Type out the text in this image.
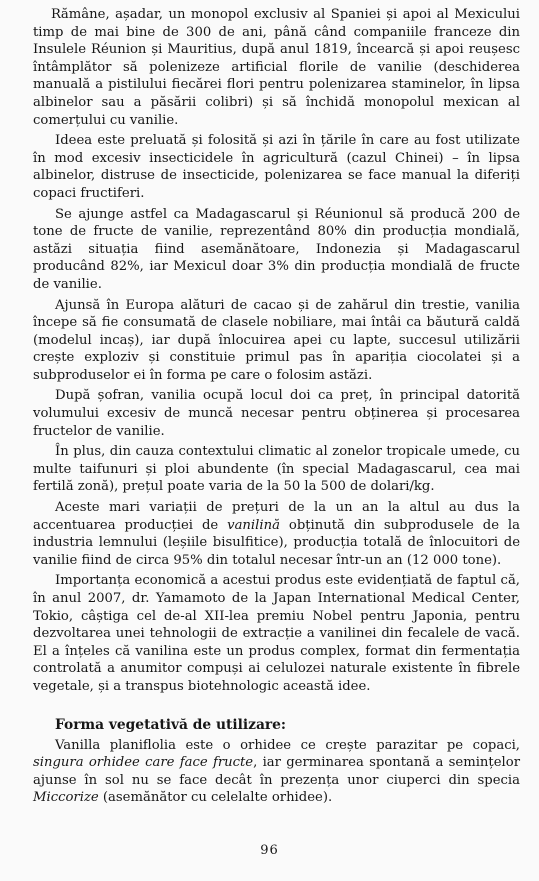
Rămâne, așadar, un monopol exclusiv al Spaniei și apoi al Mexicului timp de mai bine de 300 de ani, până când companiile franceze din Insulele Réunion și Mauritius, după anul 1819, încearcă și apoi reușesc întâmplător să polenizeze artificial florile de vanilie (deschiderea manuală a pistilului fiecărei flori pentru polenizarea staminelor, în lipsa albinelor sau a păsării colibri) și să închidă monopolul mexican al comerțului cu vanilie.

Ideea este preluată și folosită și azi în țările în care au fost utilizate în mod excesiv insecticidele în agricultură (cazul Chinei) – în lipsa albinelor, distruse de insecticide, polenizarea se face manual la diferiți copaci fructiferi.

Se ajunge astfel ca Madagascarul și Réunionul să producă 200 de tone de fructe de vanilie, reprezentând 80% din producția mondială, astăzi situația fiind asemănătoare, Indonezia și Madagascarul producând 82%, iar Mexicul doar 3% din producția mondială de fructe de vanilie.

Ajunsă în Europa alături de cacao și de zahărul din trestie, vanilia începe să fie consumată de clasele nobiliare, mai întâi ca băutură caldă (modelul incaș), iar după înlocuirea apei cu lapte, succesul utilizării crește exploziv și constituie primul pas în apariția ciocolatei și a subproduselor ei în forma pe care o folosim astăzi.

După șofran, vanilia ocupă locul doi ca preț, în principal datorită volumului excesiv de muncă necesar pentru obținerea și procesarea fructelor de vanilie.

În plus, din cauza contextului climatic al zonelor tropicale umede, cu multe taifunuri și ploi abundente (în special Madagascarul, cea mai fertilă zonă), prețul poate varia de la 50 la 500 de dolari/kg.

Aceste mari variații de prețuri de la un an la altul au dus la accentuarea producției de vanilină obținută din subprodusele de la industria lemnului (leșiile bisulfitice), producția totală de înlocuitori de vanilie fiind de circa 95% din totalul necesar într-un an (12 000 tone).

Importanța economică a acestui produs este evidențiată de faptul că, în anul 2007, dr. Yamamoto de la Japan International Medical Center, Tokio, câștiga cel de-al XII-lea premiu Nobel pentru Japonia, pentru dezvoltarea unei tehnologii de extracție a vanilinei din fecalele de vacă. El a înțeles că vanilina este un produs complex, format din fermentația controlată a anumitor compuși ai celulozei naturale existente în fibrele vegetale, și a transpus biotehnologic această idee.

Forma vegetativă de utilizare:

Vanilla planiflolia este o orhidee ce crește parazitar pe copaci, singura orhidee care face fructe, iar germinarea spontană a semințelor ajunse în sol nu se face decât în prezența unor ciuperci din specia Miccorize (asemănător cu celelalte orhidee).

96
